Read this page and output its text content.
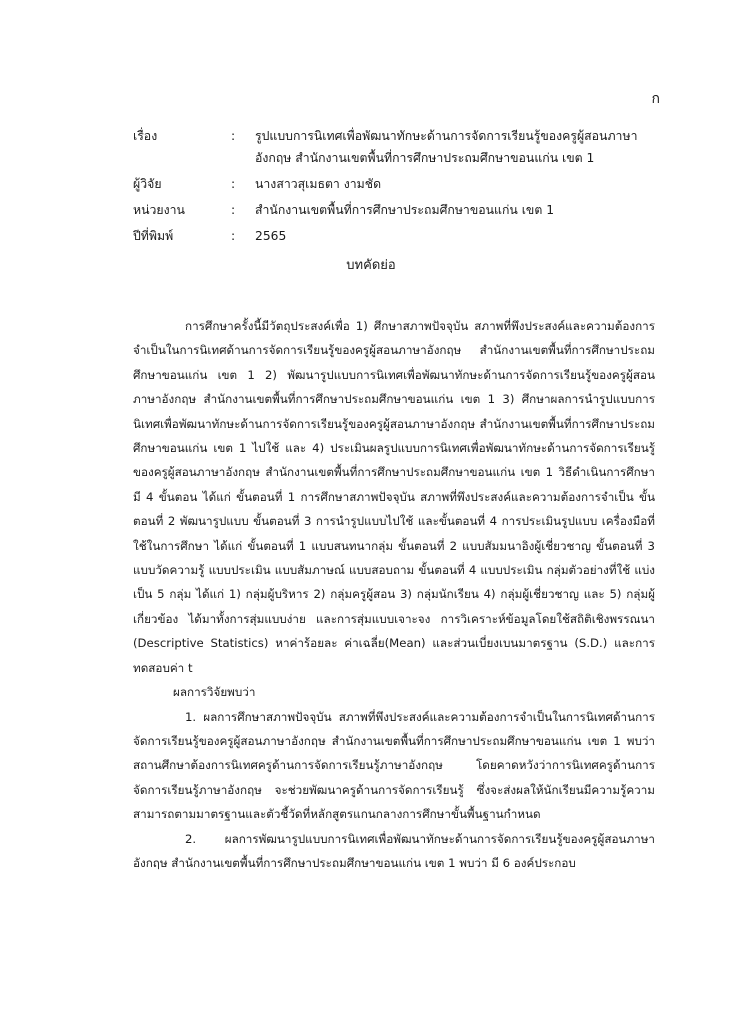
ก
เรื่อง	:	รูปแบบการนิเทศเพื่อพัฒนาทักษะด้านการจัดการเรียนรู้ของครูผู้สอนภาษาอังกฤษ สำนักงานเขตพื้นที่การศึกษาประถมศึกษาขอนแก่น เขต 1
ผู้วิจัย	:	นางสาวสุเมธตา งามชัด
หน่วยงาน	:	สำนักงานเขตพื้นที่การศึกษาประถมศึกษาขอนแก่น เขต 1
ปีที่พิมพ์	:	2565
บทคัดย่อ

การศึกษาครั้งนี้มีวัตถุประสงค์เพื่อ 1) ศึกษาสภาพปัจจุบัน สภาพที่พึงประสงค์และความต้องการจำเป็นในการนิเทศด้านการจัดการเรียนรู้ของครูผู้สอนภาษาอังกฤษ สำนักงานเขตพื้นที่การศึกษาประถมศึกษาขอนแก่น เขต 1 2) พัฒนารูปแบบการนิเทศเพื่อพัฒนาทักษะด้านการจัดการเรียนรู้ของครูผู้สอนภาษาอังกฤษ สำนักงานเขตพื้นที่การศึกษาประถมศึกษาขอนแก่น เขต 1 3) ศึกษาผลการนำรูปแบบการนิเทศเพื่อพัฒนาทักษะด้านการจัดการเรียนรู้ของครูผู้สอนภาษาอังกฤษ สำนักงานเขตพื้นที่การศึกษาประถมศึกษาขอนแก่น เขต 1 ไปใช้ และ 4) ประเมินผลรูปแบบการนิเทศเพื่อพัฒนาทักษะด้านการจัดการเรียนรู้ของครูผู้สอนภาษาอังกฤษ สำนักงานเขตพื้นที่การศึกษาประถมศึกษาขอนแก่น เขต 1 วิธีดำเนินการศึกษา มี 4 ขั้นตอน ได้แก่ ขั้นตอนที่ 1 การศึกษาสภาพปัจจุบัน สภาพที่พึงประสงค์และความต้องการจำเป็น ขั้นตอนที่ 2 พัฒนารูปแบบ ขั้นตอนที่ 3 การนำรูปแบบไปใช้ และขั้นตอนที่ 4 การประเมินรูปแบบ เครื่องมือที่ใช้ในการศึกษา ได้แก่ ขั้นตอนที่ 1 แบบสนทนากลุ่ม ขั้นตอนที่ 2 แบบสัมมนาอิงผู้เชี่ยวชาญ ขั้นตอนที่ 3 แบบวัดความรู้ แบบประเมิน แบบสัมภาษณ์ แบบสอบถาม ขั้นตอนที่ 4 แบบประเมิน กลุ่มตัวอย่างที่ใช้ แบ่งเป็น 5 กลุ่ม ได้แก่ 1) กลุ่มผู้บริหาร 2) กลุ่มครูผู้สอน 3) กลุ่มนักเรียน 4) กลุ่มผู้เชี่ยวชาญ และ 5) กลุ่มผู้เกี่ยวข้อง ได้มาทั้งการสุ่มแบบง่าย และการสุ่มแบบเจาะจง การวิเคราะห์ข้อมูลโดยใช้สถิติเชิงพรรณนา (Descriptive Statistics) หาค่าร้อยละ ค่าเฉลี่ย(Mean) และส่วนเบี่ยงเบนมาตรฐาน (S.D.) และการทดสอบค่า t

ผลการวิจัยพบว่า

1. ผลการศึกษาสภาพปัจจุบัน สภาพที่พึงประสงค์และความต้องการจำเป็นในการนิเทศด้านการจัดการเรียนรู้ของครูผู้สอนภาษาอังกฤษ สำนักงานเขตพื้นที่การศึกษาประถมศึกษาขอนแก่น เขต 1 พบว่า สถานศึกษาต้องการนิเทศครูด้านการจัดการเรียนรู้ภาษาอังกฤษ โดยคาดหวังว่าการนิเทศครูด้านการจัดการเรียนรู้ภาษาอังกฤษ จะช่วยพัฒนาครูด้านการจัดการเรียนรู้ ซึ่งจะส่งผลให้นักเรียนมีความรู้ความสามารถตามมาตรฐานและตัวชี้วัดที่หลักสูตรแกนกลางการศึกษาขั้นพื้นฐานกำหนด

2. ผลการพัฒนารูปแบบการนิเทศเพื่อพัฒนาทักษะด้านการจัดการเรียนรู้ของครูผู้สอนภาษาอังกฤษ สำนักงานเขตพื้นที่การศึกษาประถมศึกษาขอนแก่น เขต 1 พบว่า มี 6 องค์ประกอบ
